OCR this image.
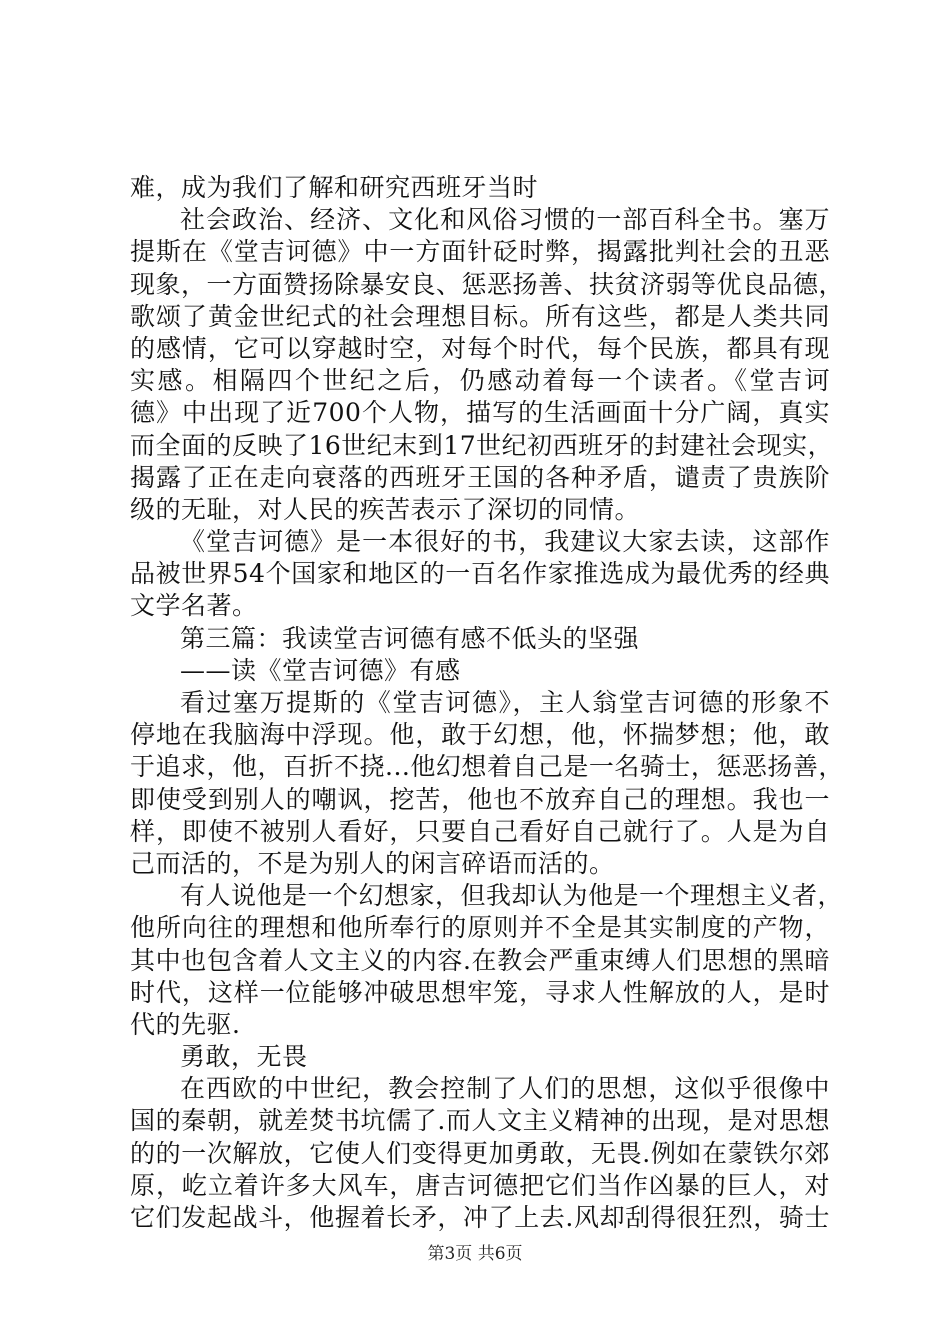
难，成为我们了解和研究西班牙当时
社会政治、经济、文化和风俗习惯的一部百科全书。塞万
提斯在《堂吉诃德》中一方面针砭时弊，揭露批判社会的丑恶
现象，一方面赞扬除暴安良、惩恶扬善、扶贫济弱等优良品德，
歌颂了黄金世纪式的社会理想目标。所有这些，都是人类共同
的感情，它可以穿越时空，对每个时代，每个民族，都具有现
实感。相隔四个世纪之后，仍感动着每一个读者。《堂吉诃
德》中出现了近700个人物，描写的生活画面十分广阔，真实
而全面的反映了16世纪末到17世纪初西班牙的封建社会现实，
揭露了正在走向衰落的西班牙王国的各种矛盾，谴责了贵族阶
级的无耻，对人民的疾苦表示了深切的同情。
《堂吉诃德》是一本很好的书，我建议大家去读，这部作
品被世界54个国家和地区的一百名作家推选成为最优秀的经典
文学名著。
第三篇：我读堂吉诃德有感不低头的坚强
——读《堂吉诃德》有感
看过塞万提斯的《堂吉诃德》，主人翁堂吉诃德的形象不
停地在我脑海中浮现。他，敢于幻想，他，怀揣梦想；他，敢
于追求，他，百折不挠...他幻想着自己是一名骑士，惩恶扬善，
即使受到别人的嘲讽，挖苦，他也不放弃自己的理想。我也一
样，即使不被别人看好，只要自己看好自己就行了。人是为自
己而活的，不是为别人的闲言碎语而活的。
有人说他是一个幻想家，但我却认为他是一个理想主义者，
他所向往的理想和他所奉行的原则并不全是其实制度的产物，
其中也包含着人文主义的内容.在教会严重束缚人们思想的黑暗
时代，这样一位能够冲破思想牢笼，寻求人性解放的人，是时
代的先驱.
勇敢，无畏
在西欧的中世纪，教会控制了人们的思想，这似乎很像中
国的秦朝，就差焚书坑儒了.而人文主义精神的出现，是对思想
的的一次解放，它使人们变得更加勇敢，无畏.例如在蒙铁尔郊
原，屹立着许多大风车，唐吉诃德把它们当作凶暴的巨人，对
它们发起战斗，他握着长矛，冲了上去.风却刮得很狂烈，骑士
第3页 共6页
